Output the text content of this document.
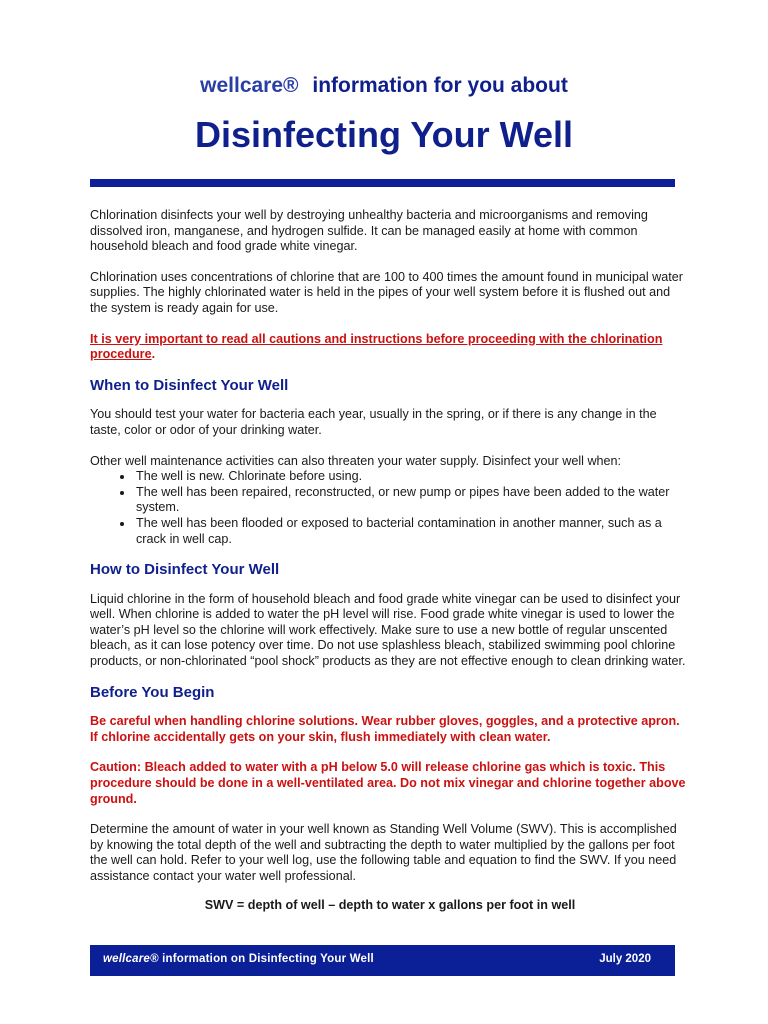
wellcare® information for you about
Disinfecting Your Well

Chlorination disinfects your well by destroying unhealthy bacteria and microorganisms and removing dissolved iron, manganese, and hydrogen sulfide. It can be managed easily at home with common household bleach and food grade white vinegar.

Chlorination uses concentrations of chlorine that are 100 to 400 times the amount found in municipal water supplies. The highly chlorinated water is held in the pipes of your well system before it is flushed out and the system is ready again for use.

It is very important to read all cautions and instructions before proceeding with the chlorination procedure.

When to Disinfect Your Well

You should test your water for bacteria each year, usually in the spring, or if there is any change in the taste, color or odor of your drinking water.

Other well maintenance activities can also threaten your water supply. Disinfect your well when:

• The well is new. Chlorinate before using.
• The well has been repaired, reconstructed, or new pump or pipes have been added to the water system.
• The well has been flooded or exposed to bacterial contamination in another manner, such as a crack in well cap.
How to Disinfect Your Well

Liquid chlorine in the form of household bleach and food grade white vinegar can be used to disinfect your well. When chlorine is added to water the pH level will rise. Food grade white vinegar is used to lower the water’s pH level so the chlorine will work effectively. Make sure to use a new bottle of regular unscented bleach, as it can lose potency over time. Do not use splashless bleach, stabilized swimming pool chlorine products, or non-chlorinated “pool shock” products as they are not effective enough to clean drinking water.

Before You Begin

Be careful when handling chlorine solutions. Wear rubber gloves, goggles, and a protective apron. If chlorine accidentally gets on your skin, flush immediately with clean water.

Caution: Bleach added to water with a pH below 5.0 will release chlorine gas which is toxic. This procedure should be done in a well-ventilated area. Do not mix vinegar and chlorine together above ground.

Determine the amount of water in your well known as Standing Well Volume (SWV). This is accomplished by knowing the total depth of the well and subtracting the depth to water multiplied by the gallons per foot the well can hold. Refer to your well log, use the following table and equation to find the SWV. If you need assistance contact your water well professional.

SWV = depth of well – depth to water x gallons per foot in well
wellcare® information on Disinfecting Your Well	July 2020
